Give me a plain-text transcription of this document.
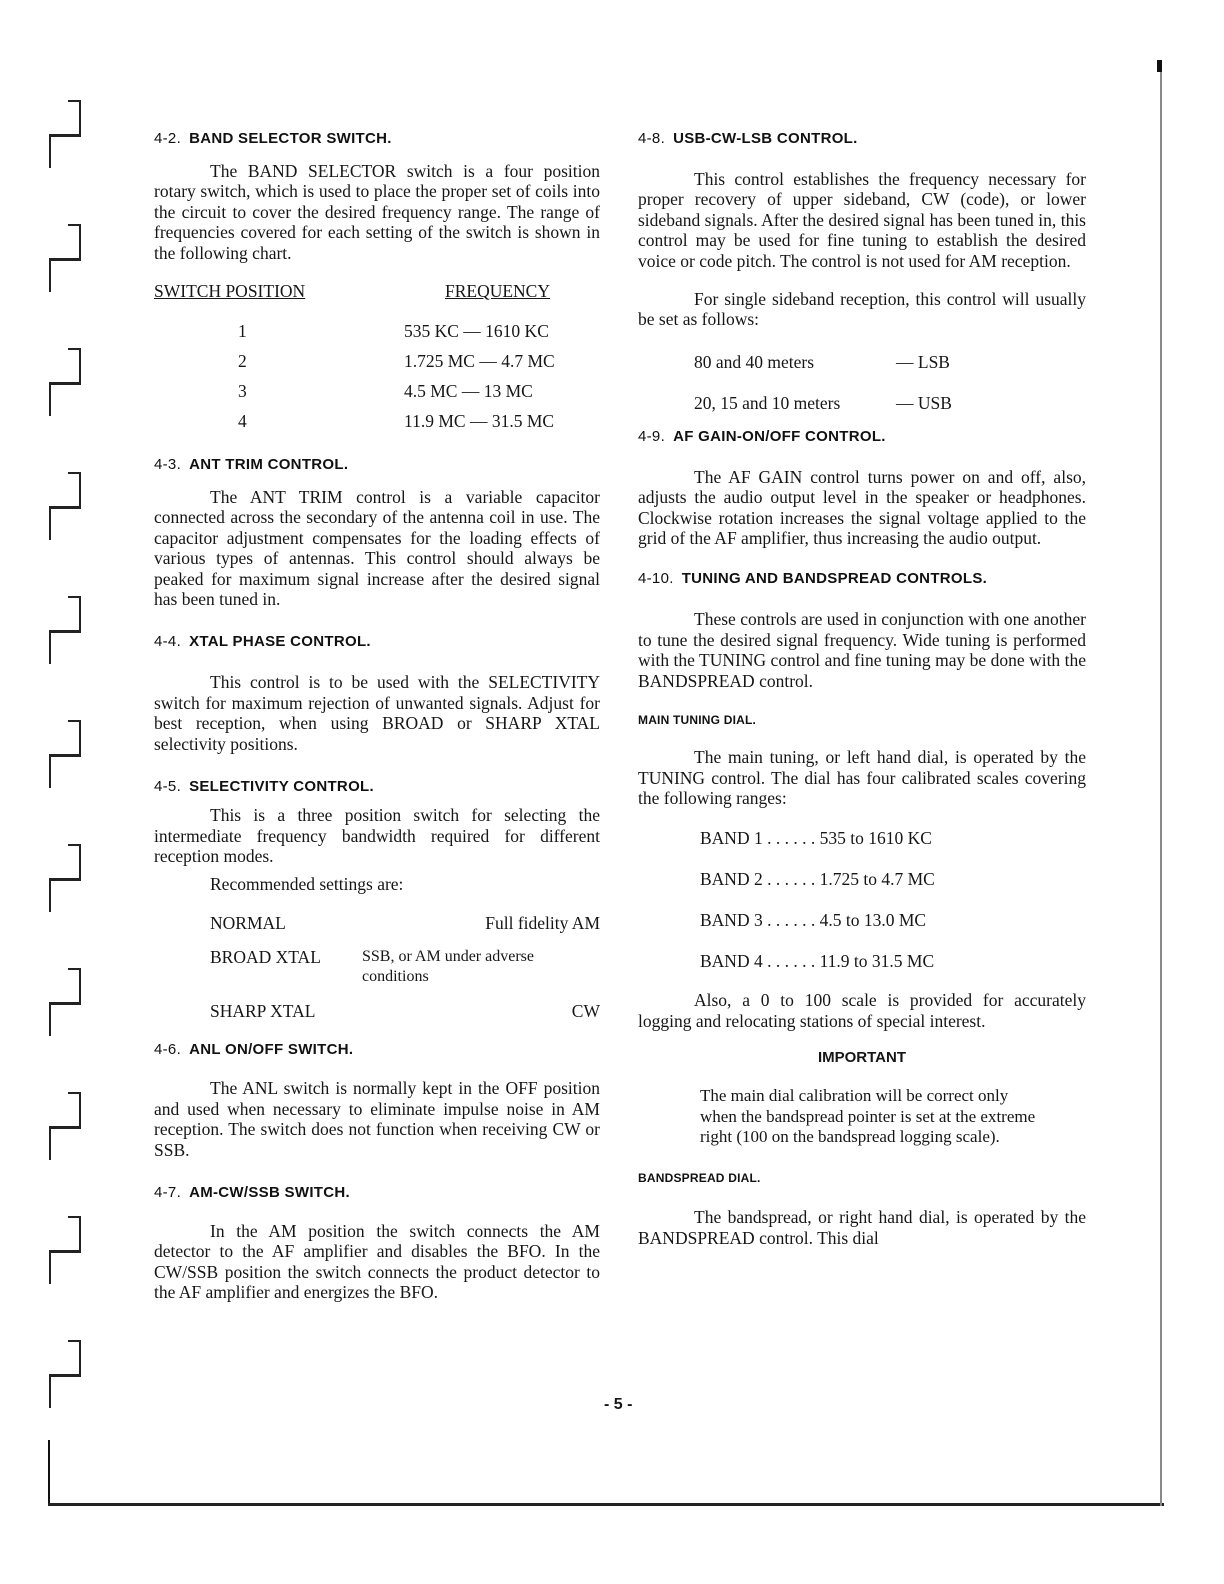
4-2. BAND SELECTOR SWITCH.

The BAND SELECTOR switch is a four position rotary switch, which is used to place the proper set of coils into the circuit to cover the desired frequency range. The range of frequencies covered for each setting of the switch is shown in the following chart.

SWITCH POSITION	FREQUENCY
1	535 KC — 1610 KC
2	1.725 MC — 4.7 MC
3	4.5 MC — 13 MC
4	11.9 MC — 31.5 MC
4-3. ANT TRIM CONTROL.

The ANT TRIM control is a variable capacitor connected across the secondary of the antenna coil in use. The capacitor adjustment compensates for the loading effects of various types of antennas. This control should always be peaked for maximum signal increase after the desired signal has been tuned in.

4-4. XTAL PHASE CONTROL.

This control is to be used with the SELECTIVITY switch for maximum rejection of unwanted signals. Adjust for best reception, when using BROAD or SHARP XTAL selectivity positions.

4-5. SELECTIVITY CONTROL.

This is a three position switch for selecting the intermediate frequency bandwidth required for different reception modes.

Recommended settings are:
NORMAL	Full fidelity AM
BROAD XTAL	SSB, or AM under adverse conditions
SHARP XTAL	CW
4-6. ANL ON/OFF SWITCH.

The ANL switch is normally kept in the OFF position and used when necessary to eliminate impulse noise in AM reception. The switch does not function when receiving CW or SSB.

4-7. AM-CW/SSB SWITCH.

In the AM position the switch connects the AM detector to the AF amplifier and disables the BFO. In the CW/SSB position the switch connects the product detector to the AF amplifier and energizes the BFO.

4-8. USB-CW-LSB CONTROL.

This control establishes the frequency necessary for proper recovery of upper sideband, CW (code), or lower sideband signals. After the desired signal has been tuned in, this control may be used for fine tuning to establish the desired voice or code pitch. The control is not used for AM reception.

For single sideband reception, this control will usually be set as follows:

80 and 40 meters	— LSB
20, 15 and 10 meters	— USB
4-9. AF GAIN-ON/OFF CONTROL.

The AF GAIN control turns power on and off, also, adjusts the audio output level in the speaker or headphones. Clockwise rotation increases the signal voltage applied to the grid of the AF amplifier, thus increasing the audio output.

4-10. TUNING AND BANDSPREAD CONTROLS.

These controls are used in conjunction with one another to tune the desired signal frequency. Wide tuning is performed with the TUNING control and fine tuning may be done with the BANDSPREAD control.

MAIN TUNING DIAL.

The main tuning, or left hand dial, is operated by the TUNING control. The dial has four calibrated scales covering the following ranges:

BAND 1 . . . . . . 535 to 1610 KC
BAND 2 . . . . . . 1.725 to 4.7 MC
BAND 3 . . . . . . 4.5 to 13.0 MC
BAND 4 . . . . . . 11.9 to 31.5 MC

Also, a 0 to 100 scale is provided for accurately logging and relocating stations of special interest.

IMPORTANT
The main dial calibration will be correct only when the bandspread pointer is set at the extreme right (100 on the bandspread logging scale).
BANDSPREAD DIAL.

The bandspread, or right hand dial, is operated by the BANDSPREAD control. This dial

- 5 -
